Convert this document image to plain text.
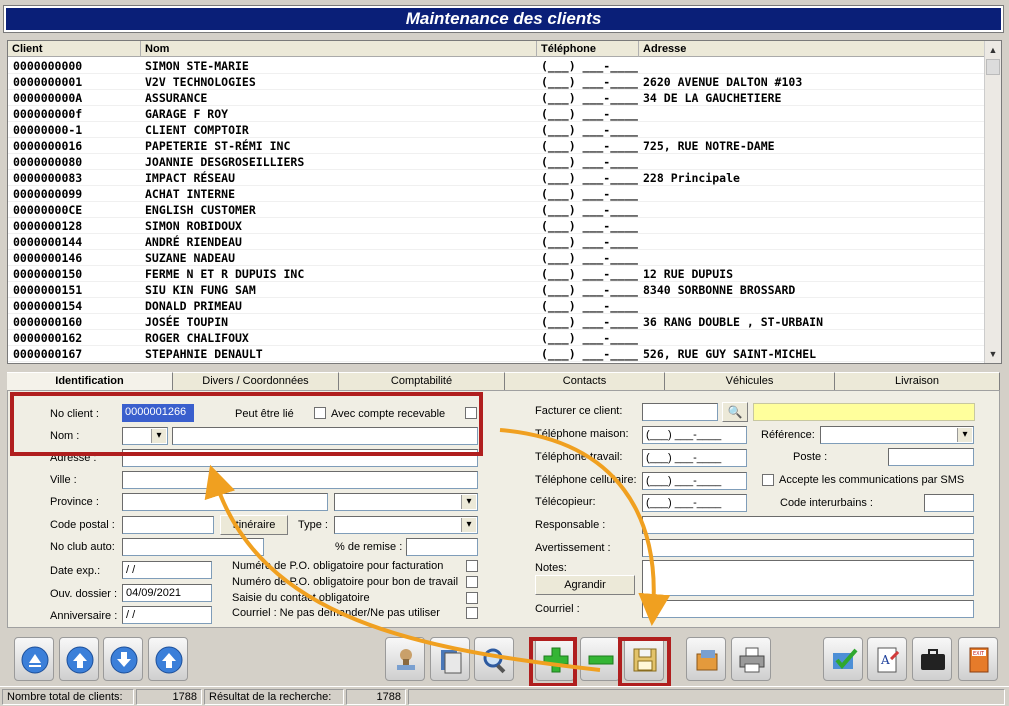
Maintenance des clients
Client	Nom	Téléphone	Adresse
0000000000	SIMON STE-MARIE	(___) ___-____
0000000001	V2V TECHNOLOGIES	(___) ___-____ 2620 AVENUE DALTON #103
000000000A	ASSURANCE	(___) ___-____ 34 DE LA GAUCHETIERE
000000000f	GARAGE F ROY	(___) ___-____
00000000-1	CLIENT COMPTOIR	(___) ___-____
0000000016	PAPETERIE ST-RÉMI INC	(___) ___-____ 725, RUE NOTRE-DAME
0000000080	JOANNIE DESGROSEILLIERS	(___) ___-____
0000000083	IMPACT RÉSEAU	(___) ___-____ 228 Principale
0000000099	ACHAT INTERNE	(___) ___-____
00000000CE	ENGLISH CUSTOMER	(___) ___-____
0000000128	SIMON ROBIDOUX	(___) ___-____
0000000144	ANDRÉ RIENDEAU	(___) ___-____
0000000146	SUZANE NADEAU	(___) ___-____
0000000150	FERME N ET R DUPUIS INC	(___) ___-____ 12 RUE DUPUIS
0000000151	SIU KIN FUNG SAM	(___) ___-____ 8340 SORBONNE BROSSARD
0000000154	DONALD PRIMEAU	(___) ___-____
0000000160	JOSÉE TOUPIN	(___) ___-____ 36 RANG DOUBLE , ST-URBAIN
0000000162	ROGER CHALIFOUX	(___) ___-____
0000000167	STEPAHNIE DENAULT	(___) ___-____ 526, RUE GUY SAINT-MICHEL
▲
▼
Identification	Divers / Coordonnées	Comptabilité	Contacts	Véhicules	Livraison
No client : 0000001266	Peut être lié	Avec compte recevable
Nom :
▾
Adresse :
Ville :
Province :
▾
Code postal :	Itinéraire	Type :
▾
No club auto:	% de remise :
Date exp.:	/ /
Ouv. dossier : 04/09/2021
Anniversaire : / /
Numéro de P.O. obligatoire pour facturation
Numéro de P.O. obligatoire pour bon de travail
Saisie du contact obligatoire
Courriel : Ne pas demander/Ne pas utiliser
Facturer ce client:	🔍
Téléphone maison:	(___) ___-____	Référence:
▾
Téléphone travail:	(___) ___-____	Poste :
Téléphone cellulaire: (___) ___-____	Accepte les communications par SMS
Télécopieur:	(___) ___-____	Code interurbains :
Responsable :
Avertissement :
Notes:
Agrandir
Courriel :
A	EXIT
Nombre total de clients:	1788	Résultat de la recherche:	1788
